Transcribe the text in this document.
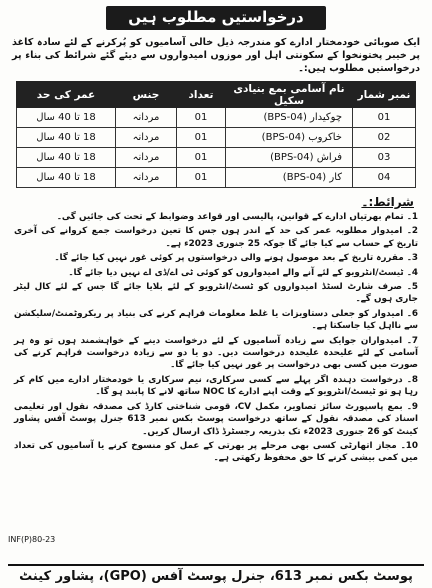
درخواستیں مطلوب ہیں
ایک صوبائی خودمختار ادارے کو مندرجہ ذیل خالی آسامیوں کو پُرکرنے کے لئے سادہ کاغذ پر خیبر پختونخوا کے سکونتی اہل اور موزوں امیدواروں سے دیئے گئے شرائط کی بناء پر درخواستیں مطلوب ہیں:۔
نمبر شمار	نام آسامی بمع بنیادی سکیل	تعداد	جنس	عمر کی حد
01	چوکیدار (BPS-04)	01	مردانہ	18 تا 40 سال
02	خاکروب (BPS-04)	01	مردانہ	18 تا 40 سال
03	فراش (BPS-04)	01	مردانہ	18 تا 40 سال
04	کار (BPS-04)	01	مردانہ	18 تا 40 سال
شرائط:۔
1۔ تمام بھرتیاں ادارے کے قوانین، پالیسی اور قواعد وضوابط کے تحت کی جائیں گی۔
2۔ امیدوار مطلوبہ عمر کی حد کے اندر ہوں جس کا تعین درخواست جمع کروانے کی آخری تاریخ کے حساب سے کیا جائے گا جوکہ 25 جنوری 2023ء ہے۔
3۔ مقررہ تاریخ کے بعد موصول ہونے والی درخواستوں پر کوئی غور نہیں کیا جائے گا۔
4۔ ٹیسٹ/انٹرویو کے لئے آنے والے امیدواروں کو کوئی ٹی اے/ڈی اے نہیں دیا جائے گا۔
5۔ صرف شارٹ لسٹڈ امیدواروں کو ٹسٹ/انٹرویو کے لئے بلایا جائے گا جس کے لئے کال لیٹر جاری ہوں گے۔
6۔ امیدوار کو جعلی دستاویزات یا غلط معلومات فراہم کرنے کی بنیاد پر ریکروٹمنٹ/سلیکشن سے نااہل کیا جاسکتا ہے۔
7۔ امیدواران جوایک سے زیادہ آسامیوں کے لئے درخواست دینے کے خواہشمند ہوں تو وہ ہر آسامی کے لئے علیحدہ علیحدہ درخواست دیں۔ دو یا دو سے زیادہ درخواست فراہم کرنے کی صورت میں کسی بھی درخواست پر غور نہیں کیا جائے گا۔
8۔ درخواست دہندہ اگر پہلے سے کسی سرکاری، نیم سرکاری یا خودمختار ادارے میں کام کر رہا ہو تو ٹیسٹ/انٹرویو کے وقت اپنے ادارے کا NOC ساتھ لانے کا پابند ہو گا۔
9۔ بمع پاسپورٹ سائز تصاویر، مکمل CV، قومی شناختی کارڈ کی مصدقہ نقول اور تعلیمی اسناد کی مصدقہ نقول کے ساتھ درخواست پوسٹ بکس نمبر 613 جنرل پوسٹ آفس پشاور کینٹ کو 26 جنوری 2023ء تک بذریعہ رجسٹرڈ ڈاک ارسال کریں۔
10۔ مجاز اتھارٹی کسی بھی مرحلے پر بھرتی کے عمل کو منسوخ کرنے یا آسامیوں کی تعداد میں کمی بیشی کرنے کا حق محفوظ رکھتی ہے۔
INF(P)80-23
پوسٹ بکس نمبر 613، جنرل پوسٹ آفس (GPO)، پشاور کینٹ
